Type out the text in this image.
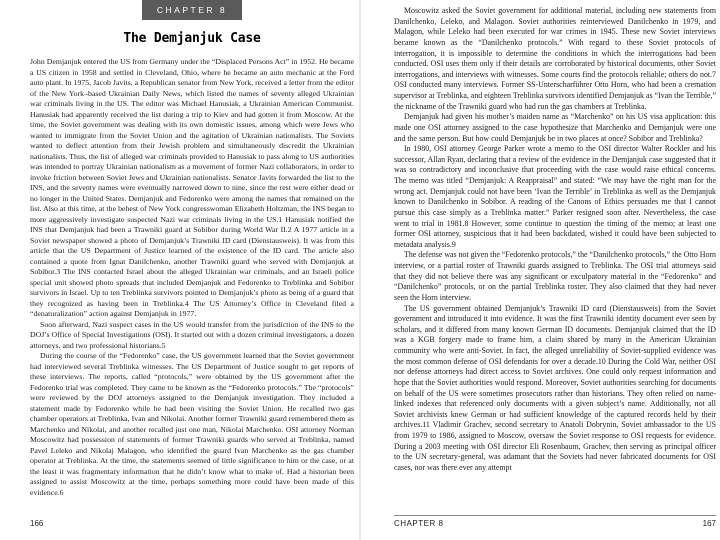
CHAPTER 8
The Demjanjuk Case

John Demjanjuk entered the US from Germany under the “Displaced Persons Act” in 1952. He became a US citizen in 1958 and settled in Cleveland, Ohio, where he became an auto mechanic at the Ford auto plant. In 1975, Jacob Javits, a Republican senator from New York, received a letter from the editor of the New York–based Ukrainian Daily News, which listed the names of seventy alleged Ukrainian war criminals living in the US. The editor was Michael Hanusiak, a Ukrainian American Communist. Hanusiak had apparently received the list during a trip to Kiev and had gotten it from Moscow. At the time, the Soviet government was dealing with its own domestic issues, among which were Jews who wanted to immigrate from the Soviet Union and the agitation of Ukrainian nationalists. The Soviets wanted to deflect attention from their Jewish problem and simultaneously discredit the Ukrainian nationalists. Thus, the list of alleged war criminals provided to Hanusiak to pass along to US authorities was intended to portray Ukrainian nationalism as a movement of former Nazi collaborators, in order to invoke friction between Soviet Jews and Ukrainian nationalists. Senator Javits forwarded the list to the INS, and the seventy names were eventually narrowed down to nine, since the rest were either dead or no longer in the United States. Demjanjuk and Fedorenko were among the names that remained on the list. Also at this time, at the behest of New York congresswoman Elizabeth Holtzman, the INS began to more aggressively investigate suspected Nazi war criminals living in the US.1 Hanusiak notified the INS that Demjanjuk had been a Trawniki guard at Sobibor during World War II.2 A 1977 article in a Soviet newspaper showed a photo of Demjanjuk’s Trawniki ID card (Dienstausweis). It was from this article that the US Department of Justice learned of the existence of the ID card. The article also contained a quote from Ignat Danilchenko, another Trawniki guard who served with Demjanjuk at Sobibor.3 The INS contacted Israel about the alleged Ukrainian war criminals, and an Israeli police special unit showed photo spreads that included Demjanjuk and Fedorenko to Treblinka and Sobibor survivors in Israel. Up to ten Treblinka survivors pointed to Demjanjuk’s photo as being of a guard that they recognized as having been in Treblinka.4 The US Attorney’s Office in Cleveland filed a “denaturalization” action against Demjanjuk in 1977.

Soon afterward, Nazi suspect cases in the US would transfer from the jurisdiction of the INS to the DOJ’s Office of Special Investigations (OSI). It started out with a dozen criminal investigators, a dozen attorneys, and two professional historians.5

During the course of the “Fedorenko” case, the US government learned that the Soviet government had interviewed several Treblinka witnesses. The US Department of Justice sought to get reports of these interviews. The reports, called “protocols,” were obtained by the US government after the Fedorenko trial was completed. They came to be known as the “Fedorenko protocols.” The “protocols” were reviewed by the DOJ attorneys assigned to the Demjanjuk investigation. They included a statement made by Fedorenko while he had been visiting the Soviet Union. He recalled two gas chamber operators at Treblinka, Ivan and Nikolai. Another former Trawniki guard remembered them as Marchenko and Nikolai, and another recalled just one man, Nikolai Marchenko. OSI attorney Norman Moscowitz had possession of statements of former Trawniki guards who served at Treblinka, named Pavel Leleko and Nikolaj Malagon, who identified the guard Ivan Marchenko as the gas chamber operator at Treblinka. At the time, the statements seemed of little significance to him or the case, or at the least it was fragmentary information that he didn’t know what to make of. Had a historian been assigned to assist Moscowitz at the time, perhaps something more could have been made of this evidence.6

166

Moscowitz asked the Soviet government for additional material, including new statements from Danilchenko, Leleko, and Malagon. Soviet authorities reinterviewed Danilchenko in 1979, and Malagon, while Leleko had been executed for war crimes in 1945. These new Soviet interviews became known as the “Danilchenko protocols.” With regard to these Soviet protocols of interrogation, it is impossible to determine the conditions in which the interrogations had been conducted. OSI uses them only if their details are corroborated by historical documents, other Soviet interrogations, and interviews with witnesses. Some courts find the protocols reliable; others do not.7 OSI conducted many interviews. Former SS-Unterscharführer Otto Horn, who had been a cremation supervisor at Treblinka, and eighteen Treblinka survivors identified Demjanjuk as “Ivan the Terrible,” the nickname of the Trawniki guard who had run the gas chambers at Treblinka.

Demjanjuk had given his mother’s maiden name as “Marchenko” on his US visa application: this made one OSI attorney assigned to the case hypothesize that Marchenko and Demjanjuk were one and the same person. But how could Demjanjuk be in two places at once? Sobibor and Treblinka?

In 1980, OSI attorney George Parker wrote a memo to the OSI director Walter Rockler and his successor, Allan Ryan, declaring that a review of the evidence in the Demjanjuk case suggested that it was so contradictory and inconclusive that proceeding with the case would raise ethical concerns. The memo was titled “Demjanjuk: A Reappraisal” and stated: “We may have the right man for the wrong act. Demjanjuk could not have been ‘Ivan the Terrible’ in Treblinka as well as the Demjanjuk known to Danilchenko in Sobibor. A reading of the Canons of Ethics persuades me that I cannot pursue this case simply as a Treblinka matter.” Parker resigned soon after. Nevertheless, the case went to trial in 1981.8 However, some continue to question the timing of the memo; at least one former OSI attorney, suspicious that it had been backdated, wished it could have been subjected to metadata analysis.9

The defense was not given the “Fedorenko protocols,” the “Danilchenko protocols,” the Otto Horn interview, or a partial roster of Trawniki guards assigned to Treblinka. The OSI trial attorneys said that they did not believe there was any significant or exculpatory material in the “Fedorenko” and “Danilchenko” protocols, or on the partial Treblinka roster. They also claimed that they had never seen the Horn interview.

The US government obtained Demjanjuk’s Trawniki ID card (Dienstausweis) from the Soviet government and introduced it into evidence. It was the first Trawniki identity document ever seen by scholars, and it differed from many known German ID documents. Demjanjuk claimed that the ID was a KGB forgery made to frame him, a claim shared by many in the American Ukrainian community who were anti-Soviet. In fact, the alleged unreliability of Soviet-supplied evidence was the most common defense of OSI defendants for over a decade.10 During the Cold War, neither OSI nor defense attorneys had direct access to Soviet archives. One could only request information and hope that the Soviet authorities would respond. Moreover, Soviet authorities searching for documents on behalf of the US were sometimes prosecutors rather than historians. They often relied on name-linked indexes that referenced only documents with a given subject’s name. Additionally, not all Soviet archivists knew German or had sufficient knowledge of the captured records held by their archives.11 Vladimir Grachev, second secretary to Anatoli Dobrynin, Soviet ambassador to the US from 1979 to 1986, assigned to Moscow, oversaw the Soviet response to OSI requests for evidence. During a 2003 meeting with OSI director Eli Rosenbaum, Grachev, then serving as principal officer to the UN secretary-general, was adamant that the Soviets had never fabricated documents for OSI cases, nor was there ever any attempt

CHAPTER 8	167
